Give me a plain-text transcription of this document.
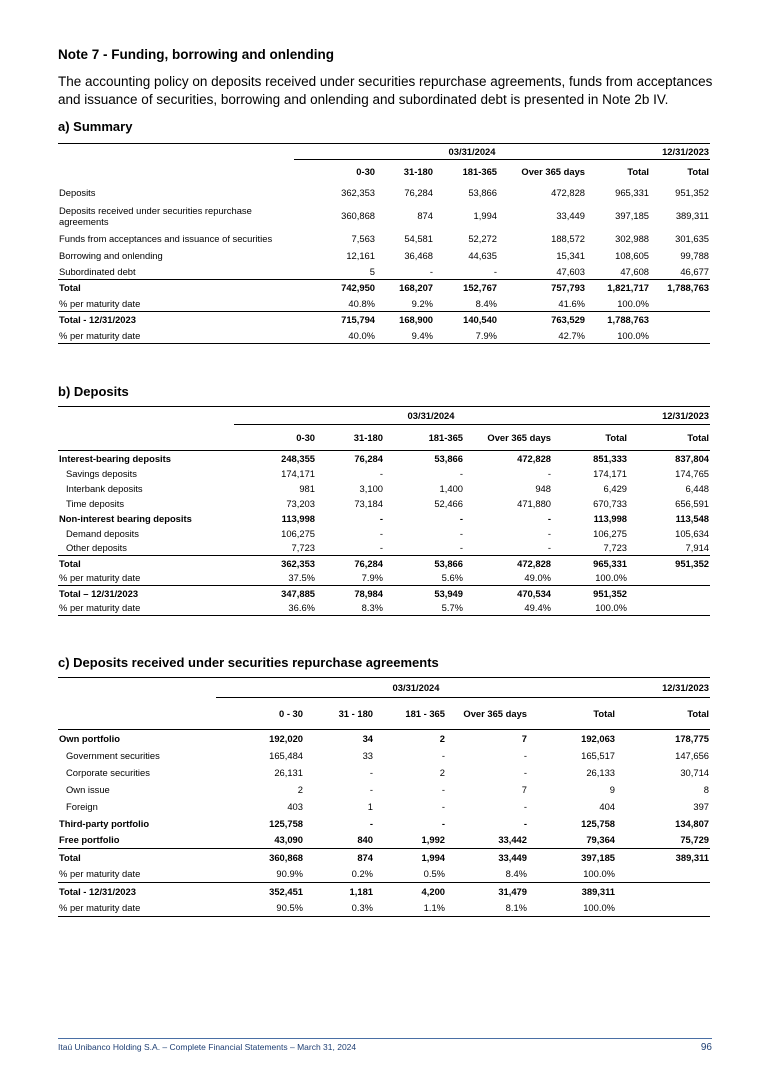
Note 7 - Funding, borrowing and onlending
The accounting policy on deposits received under securities repurchase agreements, funds from acceptances and issuance of securities, borrowing and onlending and subordinated debt is presented in Note 2b IV.
a) Summary
	03/31/2024					12/31/2023
	0-30	31-180	181-365	Over 365 days	Total	Total
Deposits	362,353	76,284	53,866	472,828	965,331	951,352
Deposits received under securities repurchase agreements	360,868	874	1,994	33,449	397,185	389,311
Funds from acceptances and issuance of securities	7,563	54,581	52,272	188,572	302,988	301,635
Borrowing and onlending	12,161	36,468	44,635	15,341	108,605	99,788
Subordinated debt	5	-	-	47,603	47,608	46,677
Total	742,950	168,207	152,767	757,793	1,821,717	1,788,763
% per maturity date	40.8%	9.2%	8.4%	41.6%	100.0%	
Total - 12/31/2023	715,794	168,900	140,540	763,529	1,788,763	
% per maturity date	40.0%	9.4%	7.9%	42.7%	100.0%	
b) Deposits
	03/31/2024					12/31/2023
	0-30	31-180	181-365	Over 365 days	Total	Total
Interest-bearing deposits	248,355	76,284	53,866	472,828	851,333	837,804
Savings deposits	174,171	-	-	-	174,171	174,765
Interbank deposits	981	3,100	1,400	948	6,429	6,448
Time deposits	73,203	73,184	52,466	471,880	670,733	656,591
Non-interest bearing deposits	113,998	-	-	-	113,998	113,548
Demand deposits	106,275	-	-	-	106,275	105,634
Other deposits	7,723	-	-	-	7,723	7,914
Total	362,353	76,284	53,866	472,828	965,331	951,352
% per maturity date	37.5%	7.9%	5.6%	49.0%	100.0%	
Total – 12/31/2023	347,885	78,984	53,949	470,534	951,352	
% per maturity date	36.6%	8.3%	5.7%	49.4%	100.0%	
c) Deposits received under securities repurchase agreements
	03/31/2024					12/31/2023
	0 - 30	31 - 180	181 - 365	Over 365 days	Total	Total
Own portfolio	192,020	34	2	7	192,063	178,775
Government securities	165,484	33	-	-	165,517	147,656
Corporate securities	26,131	-	2	-	26,133	30,714
Own issue	2	-	-	7	9	8
Foreign	403	1	-	-	404	397
Third-party portfolio	125,758	-	-	-	125,758	134,807
Free portfolio	43,090	840	1,992	33,442	79,364	75,729
Total	360,868	874	1,994	33,449	397,185	389,311
% per maturity date	90.9%	0.2%	0.5%	8.4%	100.0%	
Total - 12/31/2023	352,451	1,181	4,200	31,479	389,311	
% per maturity date	90.5%	0.3%	1.1%	8.1%	100.0%	
Itaú Unibanco Holding S.A. – Complete Financial Statements – March 31, 2024	96
